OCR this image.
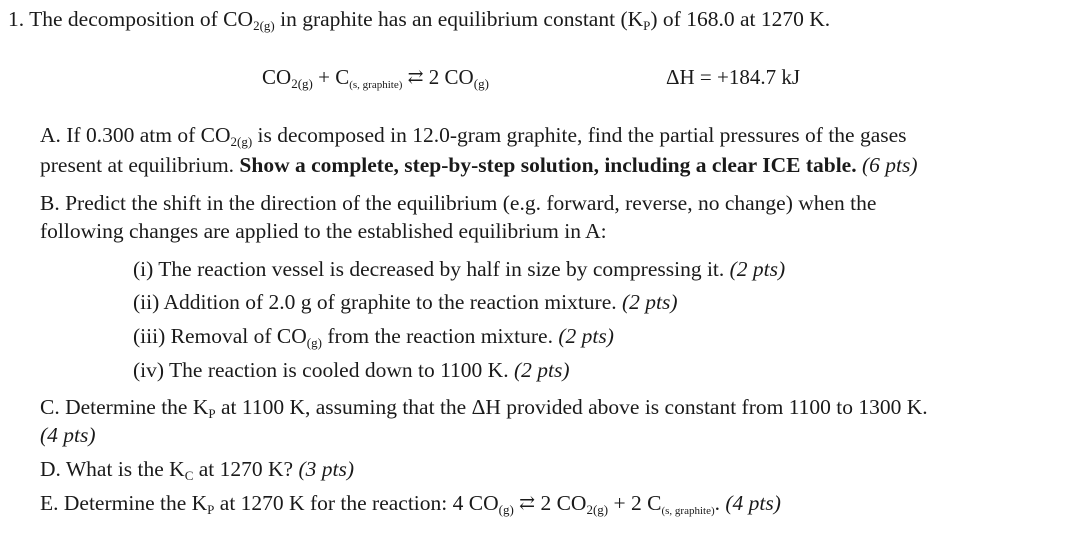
1. The decomposition of $CO_{2(g)}$ in graphite has an equilibrium constant $(K_P)$ of 168.0 at 1270 K.
$CO_{2(g)} + C_{(s, graphite)}$ ⇄ 2 $CO_{(g)}$	ΔH = +184.7 kJ
A. If 0.300 atm of $CO_{2(g)}$ is decomposed in 12.0-gram graphite, find the partial pressures of the gases
present at equilibrium. Show a complete, step-by-step solution, including a clear ICE table. (6 pts)
B. Predict the shift in the direction of the equilibrium (e.g. forward, reverse, no change) when the
following changes are applied to the established equilibrium in A:
(i) The reaction vessel is decreased by half in size by compressing it. (2 pts)
(ii) Addition of 2.0 g of graphite to the reaction mixture. (2 pts)
(iii) Removal of $CO_{(g)}$ from the reaction mixture. (2 pts)
(iv) The reaction is cooled down to 1100 K. (2 pts)
C. Determine the $K_P$ at 1100 K, assuming that the ΔH provided above is constant from 1100 to 1300 K.
(4 pts)
D. What is the $K_C$ at 1270 K? (3 pts)
E. Determine the $K_P$ at 1270 K for the reaction: 4 $CO_{(g)}$ ⇄ 2 $CO_{2(g)} + 2$ $C_{(s, graphite)}$. (4 pts)
